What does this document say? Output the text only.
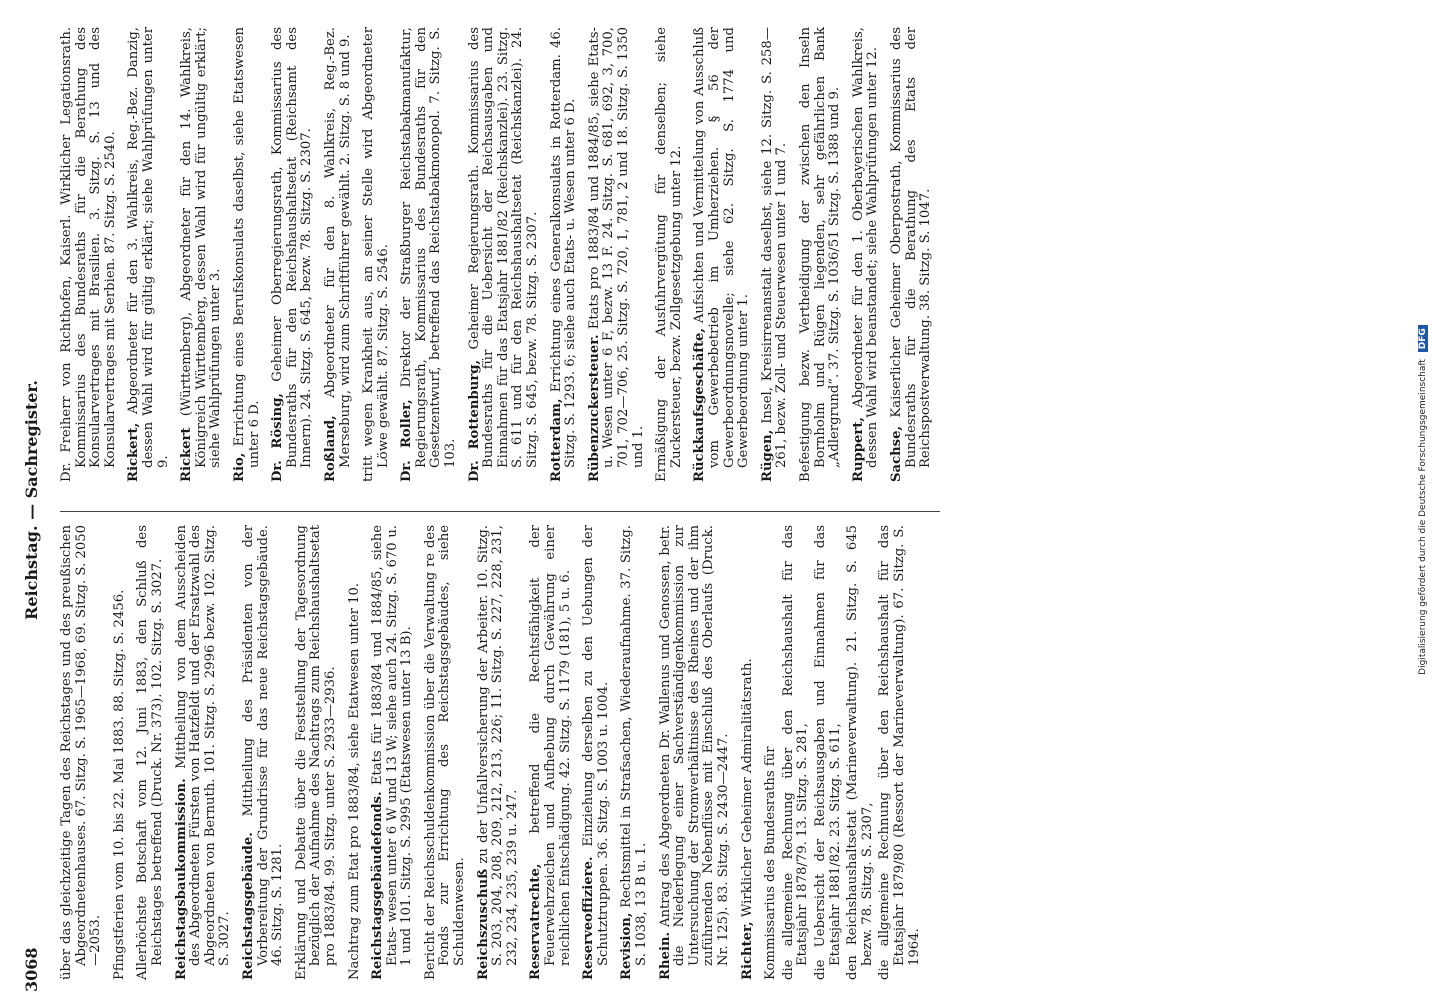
3068
Reichstag. — Sachregister.

über das gleichzeitige Tagen des Reichstages und des preußischen Abgeordnetenhauses. 67. Sitzg. S. 1965—1968, 69. Sitzg. S. 2050—2053. Pfingstferien vom 10. bis 22. Mai 1883. 88. Sitzg. S. 2456. Allerhöchste Botschaft vom 12. Juni 1883, den Schluß des Reichstages betreffend (Druck. Nr. 373). 102. Sitzg. S. 3027. Reichstagsbaukommission. Mittheilung von dem Ausscheiden des Abgeordneten Fürsten von Hatzfeldt und der Ersatzwahl des Abgeordneten von Bernuth. 101. Sitzg. S. 2996 bezw. 102. Sitzg. S. 3027. Reichstagsgebäude. Mittheilung des Präsidenten von der Vorbereitung der Grundrisse für das neue Reichstagsgebäude. 46. Sitzg. S. 1281. Erklärung und Debatte über die Feststellung der Tagesordnung bezüglich der Aufnahme des Nachtrags zum Reichshaushaltsetat pro 1883/84. 99. Sitzg. unter S. 2933—2936. Nachtrag zum Etat pro 1883/84, siehe Etatwesen unter 10. Reichstagsgebäudefonds. Etats für 1883/84 und 1884/85, siehe Etats- wesen unter 6 W und 13 W; siehe auch 24. Sitzg. S. 670 u. 1 und 101. Sitzg. S. 2995 (Etatswesen unter 13 B). Bericht der Reichsschuldenkommission über die Verwaltung re des Fonds zur Errichtung des Reichstagsgebäudes, siehe Schuldenwesen. Reichszuschuß zu der Unfallversicherung der Arbeiter. 10. Sitzg. S. 203, 204, 208, 209, 212, 213, 226; 11. Sitzg. S. 227, 228, 231, 232, 234, 235, 239 u. 247. Reservatrechte, betreffend die Rechtsfähigkeit der Feuerwehrzeichen und Aufhebung durch Gewährung einer reichlichen Entschädigung. 42. Sitzg. S. 1179 (181), 5 u. 6. Reserveoffiziere. Einziehung derselben zu den Uebungen der Schutztruppen. 36. Sitzg. S. 1003 u. 1004. Revision, Rechtsmittel in Strafsachen, Wiederaufnahme. 37. Sitzg. S. 1038, 13 B u. 1. Rhein. Antrag des Abgeordneten Dr. Wallenus und Genossen, betr. die Niederlegung einer Sachverständigenkommission zur Untersuchung der Stromverhältnisse des Rheines und der ihm zuführenden Nebenflüsse mit Einschluß des Oberlaufs (Druck. Nr. 125). 83. Sitzg. S. 2430—2447. Richter, Wirklicher Geheimer Admiralitätsrath. Kommissarius des Bundesraths für die allgemeine Rechnung über den Reichshaushalt für das Etatsjahr 1878/79. 13. Sitzg. S. 281, die Uebersicht der Reichsausgaben und Einnahmen für das Etatsjahr 1881/82. 23. Sitzg. S. 611, den Reichshaushaltsetat (Marineverwaltung). 21. Sitzg. S. 645 bezw. 78. Sitzg. S. 2307, die allgemeine Rechnung über den Reichshaushalt für das Etatsjahr 1879/80 (Ressort der Marineverwaltung). 67. Sitzg. S. 1964.

Dr. Freiherr von Richthofen, Kaiserl. Wirklicher Legationsrath. Kommissarius des Bundesraths für die Berathung des Konsularvertrages mit Brasilien. 3. Sitzg. S. 13 und des Konsularvertrages mit Serbien. 87. Sitzg. S. 2540. Rickert, Abgeordneter für den 3. Wahlkreis, Reg.-Bez. Danzig, dessen Wahl wird für gültig erklärt; siehe Wahlprüfungen unter 9. Rickert (Württemberg), Abgeordneter für den 14. Wahlkreis, Königreich Württemberg, dessen Wahl wird für ungültig erklärt; siehe Wahlprüfungen unter 3. Rio, Errichtung eines Berufskonsulats daselbst, siehe Etatswesen unter 6 D. Dr. Rösing, Geheimer Oberregierungsrath, Kommissarius des Bundesraths für den Reichshaushaltsetat (Reichsamt des Innern). 24. Sitzg. S. 645, bezw. 78. Sitzg. S. 2307. Roßland, Abgeordneter für den 8. Wahlkreis, Reg.-Bez. Merseburg, wird zum Schriftführer gewählt. 2. Sitzg. S. 8 und 9. tritt wegen Krankheit aus, an seiner Stelle wird Abgeordneter Löwe gewählt. 87. Sitzg. S. 2546. Dr. Roller, Direktor der Straßburger Reichstabakmanufaktur, Regierungsrath, Kommissarius des Bundesraths für den Gesetzentwurf, betreffend das Reichstabakmonopol. 7. Sitzg. S. 103. Dr. Rottenburg, Geheimer Regierungsrath. Kommissarius des Bundesraths für die Uebersicht der Reichsausgaben und Einnahmen für das Etatsjahr 1881/82 (Reichskanzlei). 23. Sitzg. S. 611 und für den Reichshaushaltsetat (Reichskanzlei). 24. Sitzg. S. 645, bezw. 78. Sitzg. S. 2307. Rotterdam, Errichtung eines Generalkonsulats in Rotterdam. 46. Sitzg. S. 1293. 6; siehe auch Etats- u. Wesen unter 6 D. Rübenzuckersteuer. Etats pro 1883/84 und 1884/85, siehe Etats- u. Wesen unter 6 F, bezw. 13 F. 24. Sitzg. S. 681, 692, 3, 700, 701, 702—706, 25. Sitzg. S. 720, 1, 781, 2 und 18. Sitzg. S. 1350 und 1. Ermäßigung der Ausfuhrvergütung für denselben; siehe Zuckersteuer, bezw. Zollgesetzgebung unter 12. Rückkaufsgeschäfte, Aufsichten und Vermittelung von Ausschluß vom Gewerbebetrieb im Umherziehen. § 56 der Gewerbeordnungsnovelle; siehe 62. Sitzg. S. 1774 und Gewerbeordnung unter 1. Rügen, Insel, Kreisirrenanstalt daselbst, siehe 12. Sitzg. S. 258—261, bezw. Zoll- und Steuerwesen unter 1 und 7. Befestigung bezw. Vertheidigung der zwischen den Inseln Bornholm und Rügen liegenden, sehr gefährlichen Bank „Adlergrund“. 37. Sitzg. S. 1036/51 Sitzg. S. 1388 und 9. Ruppert, Abgeordneter für den 1. Oberbayerischen Wahlkreis, dessen Wahl wird beanstandet; siehe Wahlprüfungen unter 12. Sachse, Kaiserlicher Geheimer Oberpostrath, Kommissarius des Bundesraths für die Berathung des Etats der Reichspostverwaltung. 38. Sitzg. S. 1047.

Digitalisierung gefördert durch die Deutsche Forschungsgemeinschaft DFG
